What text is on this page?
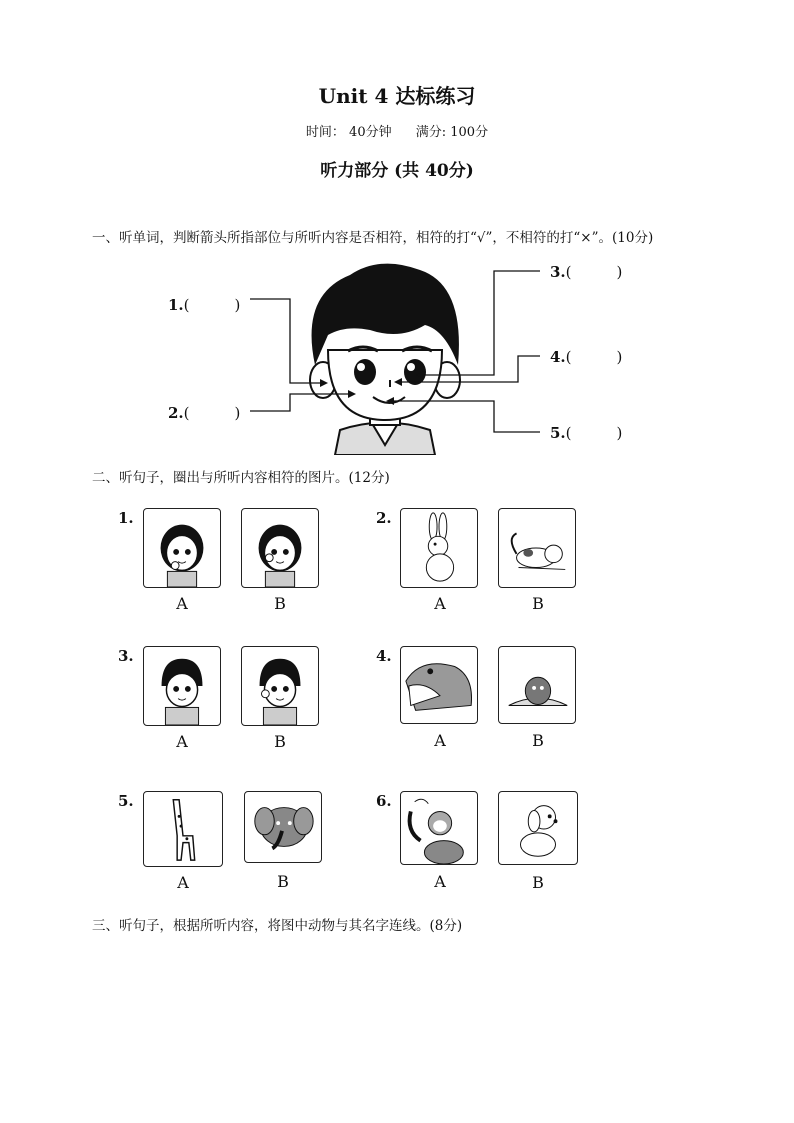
Unit 4 达标练习
时间： 40分钟 满分: 100分
听力部分 (共 40分)
一、听单词，判断箭头所指部位与所听内容是否相符，相符的打“√”，不相符的打“×”。(10分)
1.(　　　)
2.(　　　)
3.(　　　)
4.(　　　)
5.(　　　)
二、听句子，圈出与所听内容相符的图片。(12分)
1.
A	B
2.
A	B
3.
A	B
4.
A	B
5.
A	B
6.
A	B
三、听句子，根据所听内容，将图中动物与其名字连线。(8分)
